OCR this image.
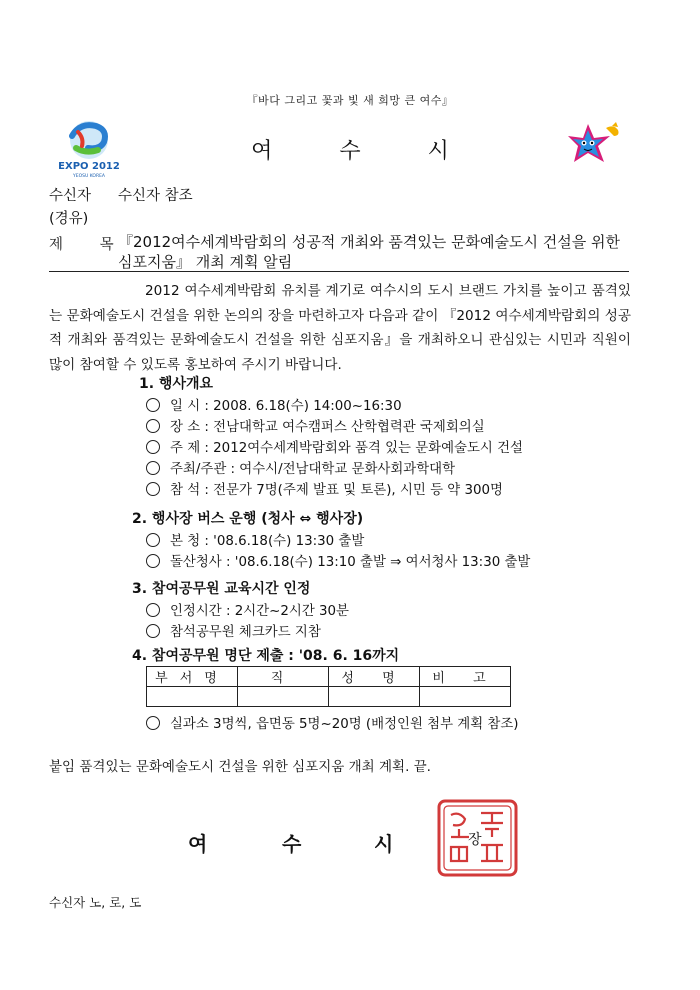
『바다 그리고 꽃과 빛 새 희망 큰 여수』
EXPO 2012
YEOSU KOREA
여 수 시
수신자 수신자 참조
(경유)
제 목
『2012여수세계박람회의 성공적 개최와 품격있는 문화예술도시 건설을 위한 심포지움』 개최 계획 알림
2012 여수세계박람회 유치를 계기로 여수시의 도시 브랜드 가치를 높이고 품격있는 문화예술도시 건설을 위한 논의의 장을 마련하고자 다음과 같이 『2012 여수세계박람회의 성공적 개최와 품격있는 문화예술도시 건설을 위한 심포지움』을 개최하오니 관심있는 시민과 직원이 많이 참여할 수 있도록 홍보하여 주시기 바랍니다.
1. 행사개요
일 시 : 2008. 6.18(수) 14:00~16:30
장 소 : 전남대학교 여수캠퍼스 산학협력관 국제회의실
주 제 : 2012여수세계박람회와 품격 있는 문화예술도시 건설
주최/주관 : 여수시/전남대학교 문화사회과학대학
참 석 : 전문가 7명(주제 발표 및 토론), 시민 등 약 300명
2. 행사장 버스 운행 (청사 ⇔ 행사장)
본 청 : '08.6.18(수) 13:30 출발
돌산청사 : '08.6.18(수) 13:10 출발 ⇒ 여서청사 13:30 출발
3. 참여공무원 교육시간 인정
인정시간 : 2시간~2시간 30분
참석공무원 체크카드 지참
4. 참여공무원 명단 제출 : '08. 6. 16까지
부서명	직	성 명	비 고

실과소 3명씩, 읍면동 5명~20명 (배정인원 첨부 계획 참조)
붙임 품격있는 문화예술도시 건설을 위한 심포지움 개최 계획. 끝.
여	수	시	장
수신자 노, 로, 도
